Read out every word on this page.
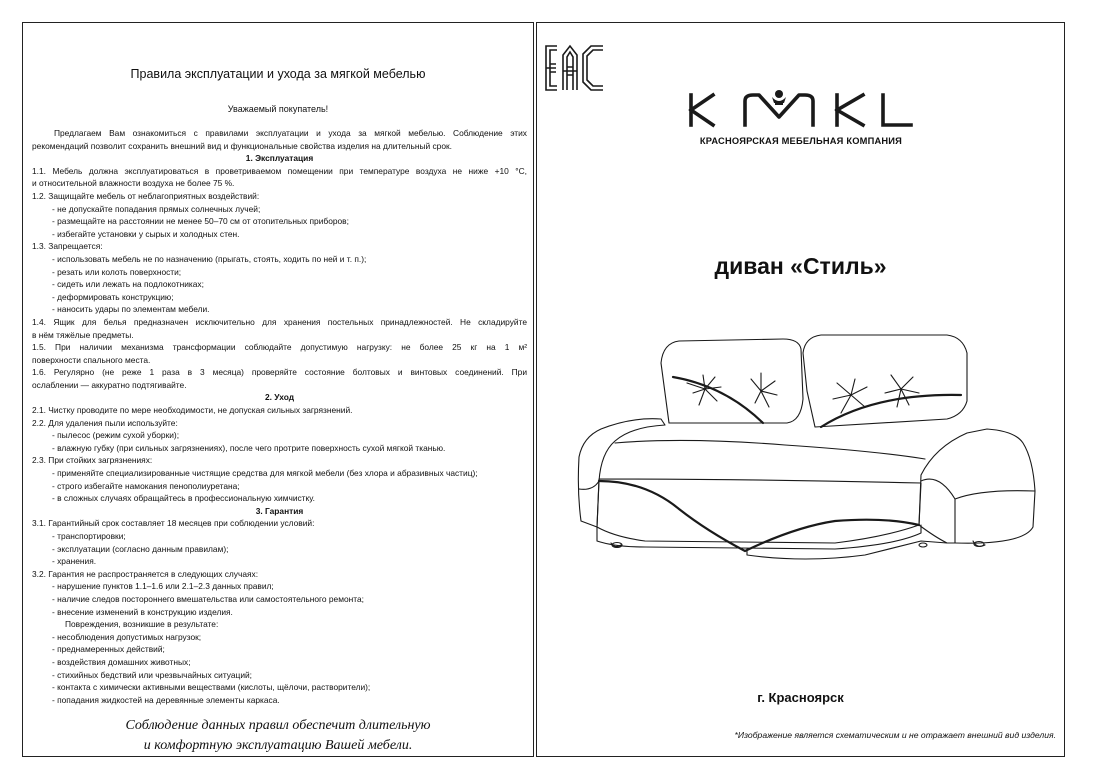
Правила эксплуатации и ухода за мягкой мебелью
Уважаемый покупатель!
Предлагаем Вам ознакомиться с правилами эксплуатации и ухода за мягкой мебелью. Соблюдение этих
рекомендаций позволит сохранить внешний вид и функциональные свойства изделия на длительный срок.
1. Эксплуатация
1.1. Мебель должна эксплуатироваться в проветриваемом помещении при температуре воздуха не ниже +10 °C,
и относительной влажности воздуха не более 75 %.
1.2. Защищайте мебель от неблагоприятных воздействий:
- не допускайте попадания прямых солнечных лучей;
- размещайте на расстоянии не менее 50–70 см от отопительных приборов;
- избегайте установки у сырых и холодных стен.
1.3. Запрещается:
- использовать мебель не по назначению (прыгать, стоять, ходить по ней и т. п.);
- резать или колоть поверхности;
- сидеть или лежать на подлокотниках;
- деформировать конструкцию;
- наносить удары по элементам мебели.
1.4. Ящик для белья предназначен исключительно для хранения постельных принадлежностей. Не складируйте
в нём тяжёлые предметы.
1.5. При наличии механизма трансформации соблюдайте допустимую нагрузку: не более 25 кг на 1 м²
поверхности спального места.
1.6. Регулярно (не реже 1 раза в 3 месяца) проверяйте состояние болтовых и винтовых соединений. При
ослаблении — аккуратно подтягивайте.
2. Уход
2.1. Чистку проводите по мере необходимости, не допуская сильных загрязнений.
2.2. Для удаления пыли используйте:
- пылесос (режим сухой уборки);
- влажную губку (при сильных загрязнениях), после чего протрите поверхность сухой мягкой тканью.
2.3. При стойких загрязнениях:
- применяйте специализированные чистящие средства для мягкой мебели (без хлора и абразивных частиц);
- строго избегайте намокания пенополиуретана;
- в сложных случаях обращайтесь в профессиональную химчистку.
3. Гарантия
3.1. Гарантийный срок составляет 18 месяцев при соблюдении условий:
- транспортировки;
- эксплуатации (согласно данным правилам);
- хранения.
3.2. Гарантия не распространяется в следующих случаях:
- нарушение пунктов 1.1–1.6 или 2.1–2.3 данных правил;
- наличие следов постороннего вмешательства или самостоятельного ремонта;
- внесение изменений в конструкцию изделия.
Повреждения, возникшие в результате:
- несоблюдения допустимых нагрузок;
- преднамеренных действий;
- воздействия домашних животных;
- стихийных бедствий или чрезвычайных ситуаций;
- контакта с химически активными веществами (кислоты, щёлочи, растворители);
- попадания жидкостей на деревянные элементы каркаса.
Соблюдение данных правил обеспечит длительную
и комфортную эксплуатацию Вашей мебели.
КРАСНОЯРСКАЯ МЕБЕЛЬНАЯ КОМПАНИЯ
диван «Стиль»
г. Красноярск
*Изображение является схематическим и не отражает внешний вид изделия.
